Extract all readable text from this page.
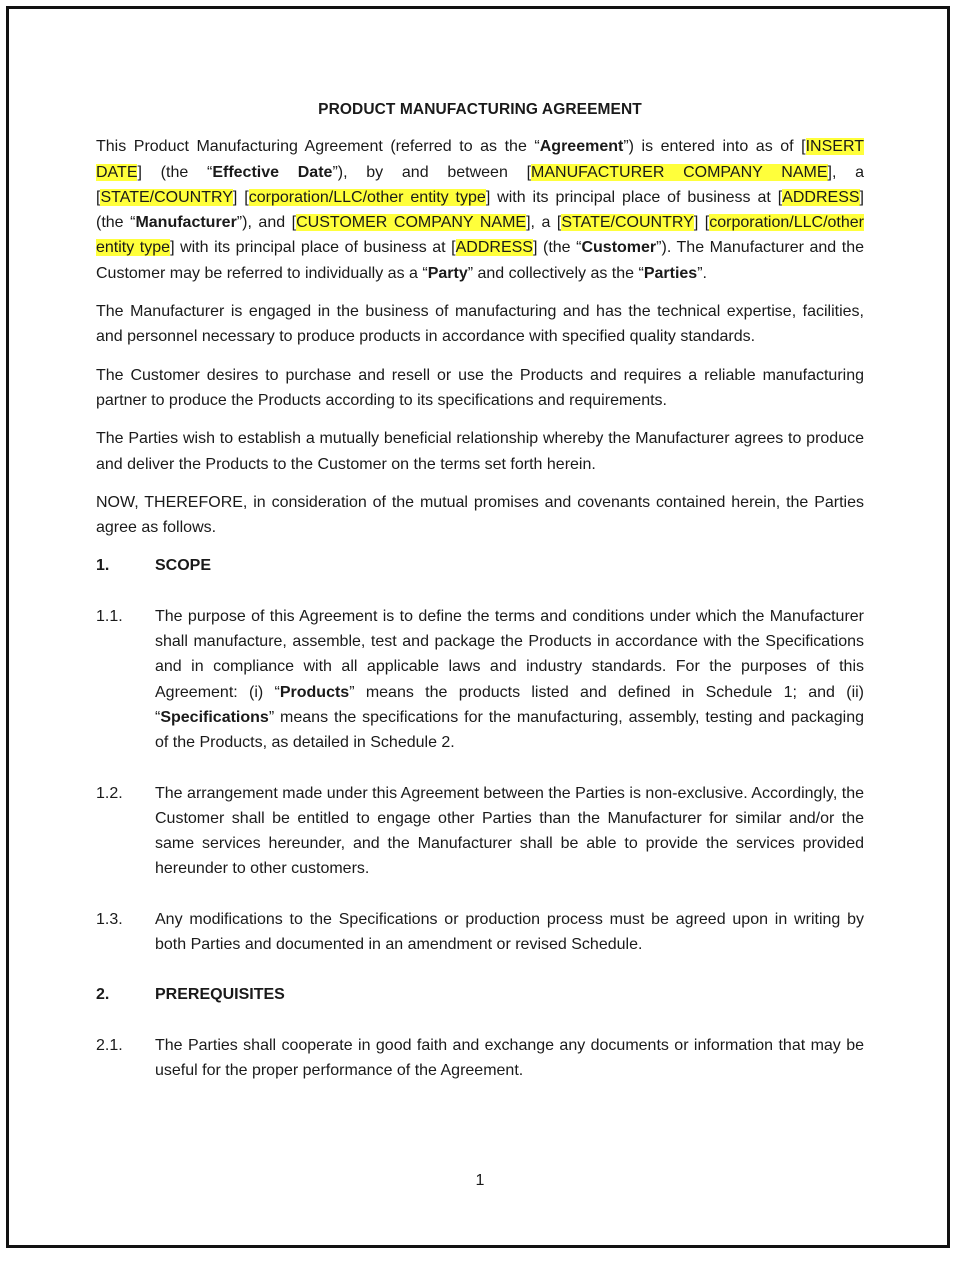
PRODUCT MANUFACTURING AGREEMENT

This Product Manufacturing Agreement (referred to as the “Agreement”) is entered into as of [INSERT DATE] (the “Effective Date”), by and between [MANUFACTURER COMPANY NAME], a [STATE/COUNTRY] [corporation/LLC/other entity type] with its principal place of business at [ADDRESS] (the “Manufacturer”), and [CUSTOMER COMPANY NAME], a [STATE/COUNTRY] [corporation/LLC/other entity type] with its principal place of business at [ADDRESS] (the “Customer”). The Manufacturer and the Customer may be referred to individually as a “Party” and collectively as the “Parties”.

The Manufacturer is engaged in the business of manufacturing and has the technical expertise, facilities, and personnel necessary to produce products in accordance with specified quality standards.

The Customer desires to purchase and resell or use the Products and requires a reliable manufacturing partner to produce the Products according to its specifications and requirements.

The Parties wish to establish a mutually beneficial relationship whereby the Manufacturer agrees to produce and deliver the Products to the Customer on the terms set forth herein.

NOW, THEREFORE, in consideration of the mutual promises and covenants contained herein, the Parties agree as follows.

1.	SCOPE
1.1.	The purpose of this Agreement is to define the terms and conditions under which the Manufacturer shall manufacture, assemble, test and package the Products in accordance with the Specifications and in compliance with all applicable laws and industry standards. For the purposes of this Agreement: (i) “Products” means the products listed and defined in Schedule 1; and (ii) “Specifications” means the specifications for the manufacturing, assembly, testing and packaging of the Products, as detailed in Schedule 2.
1.2.	The arrangement made under this Agreement between the Parties is non-exclusive. Accordingly, the Customer shall be entitled to engage other Parties than the Manufacturer for similar and/or the same services hereunder, and the Manufacturer shall be able to provide the services provided hereunder to other customers.
1.3.	Any modifications to the Specifications or production process must be agreed upon in writing by both Parties and documented in an amendment or revised Schedule.
2.	PREREQUISITES
2.1.	The Parties shall cooperate in good faith and exchange any documents or information that may be useful for the proper performance of the Agreement.
1
